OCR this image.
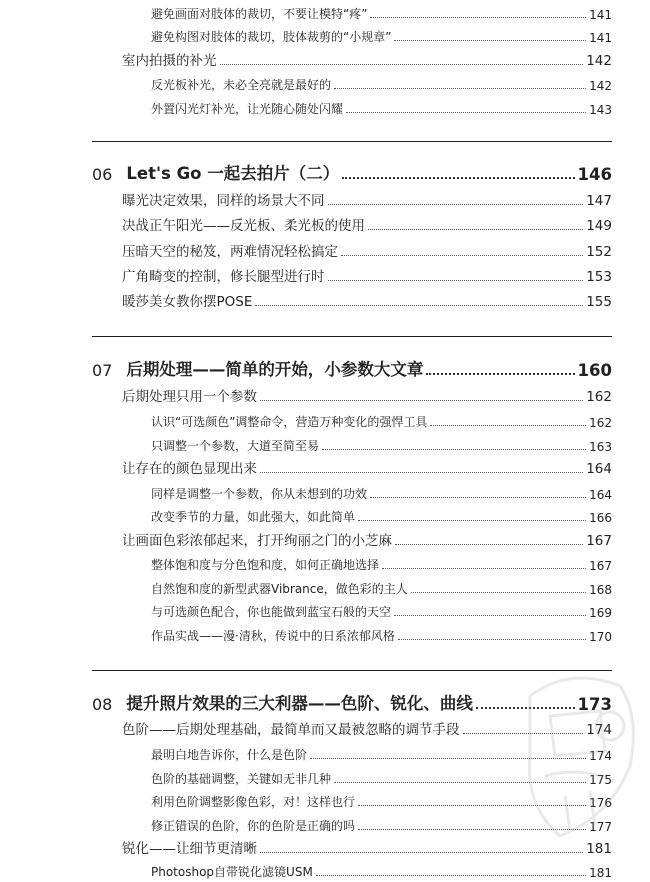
避免画面对肢体的裁切，不要让模特“疼”	141
避免构图对肢体的裁切，肢体裁剪的“小规章”	141
室内拍摄的补光	142
反光板补光，未必全亮就是最好的	142
外置闪光灯补光，让光随心随处闪耀	143
06 Let's Go 一起去拍片（二）	146
曝光决定效果，同样的场景大不同	147
决战正午阳光——反光板、柔光板的使用	149
压暗天空的秘笈，两难情况轻松搞定	152
广角畸变的控制，修长腿型进行时	153
暖莎美女教你摆POSE	155
07 后期处理——简单的开始，小参数大文章	160
后期处理只用一个参数	162
认识“可选颜色”调整命令，营造万种变化的强悍工具	162
只调整一个参数，大道至简至易	163
让存在的颜色显现出来	164
同样是调整一个参数，你从未想到的功效	164
改变季节的力量，如此强大，如此简单	166
让画面色彩浓郁起来，打开绚丽之门的小芝麻	167
整体饱和度与分色饱和度，如何正确地选择	167
自然饱和度的新型武器Vibrance，做色彩的主人	168
与可选颜色配合，你也能做到蓝宝石般的天空	169
作品实战——漫·清秋，传说中的日系浓郁风格	170
08 提升照片效果的三大利器——色阶、锐化、曲线	173
色阶——后期处理基础，最简单而又最被忽略的调节手段	174
最明白地告诉你，什么是色阶	174
色阶的基础调整，关键如无非几种	175
利用色阶调整影像色彩，对！这样也行	176
修正错误的色阶，你的色阶是正确的吗	177
锐化——让细节更清晰	181
Photoshop自带锐化滤镜USM	181
